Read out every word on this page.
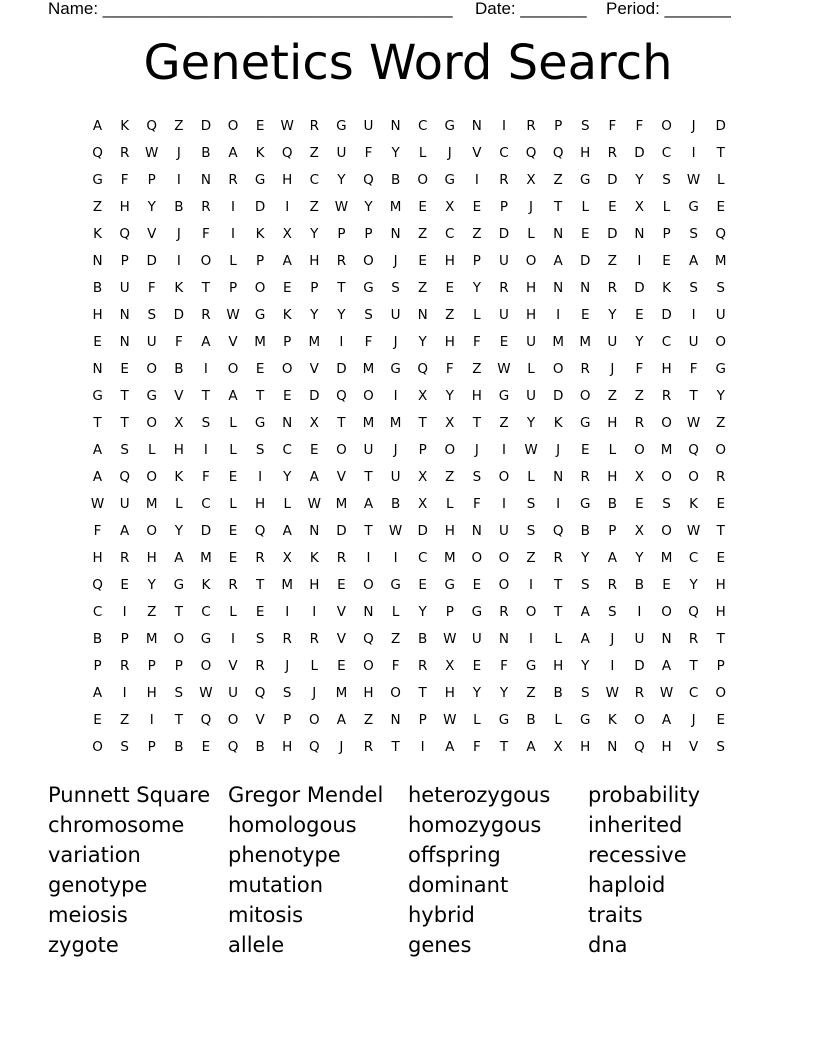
Name: _____________________________________ Date: _______ Period: _______
Genetics Word Search
A K Q Z D O E W R G U N C G N I R P S F F O J D
Q R W J B A K Q Z U F Y L J V C Q Q H R D C I T
G F P I N R G H C Y Q B O G I R X Z G D Y S W L
Z H Y B R I D I Z W Y M E X E P J T L E X L G E
K Q V J F I K X Y P P N Z C Z D L N E D N P S Q
N P D I O L P A H R O J E H P U O A D Z I E A M
B U F K T P O E P T G S Z E Y R H N N R D K S S
H N S D R W G K Y Y S U N Z L U H I E Y E D I U
E N U F A V M P M I F J Y H F E U M M U Y C U O
N E O B I O E O V D M G Q F Z W L O R J F H F G
G T G V T A T E D Q O I X Y H G U D O Z Z R T Y
T T O X S L G N X T M M T X T Z Y K G H R O W Z
A S L H I L S C E O U J P O J I W J E L O M Q O
A Q O K F E I Y A V T U X Z S O L N R H X O O R
W U M L C L H L W M A B X L F I S I G B E S K E
F A O Y D E Q A N D T W D H N U S Q B P X O W T
H R H A M E R X K R I I C M O O Z R Y A Y M C E
Q E Y G K R T M H E O G E G E O I T S R B E Y H
C I Z T C L E I I V N L Y P G R O T A S I O Q H
B P M O G I S R R V Q Z B W U N I L A J U N R T
P R P P O V R J L E O F R X E F G H Y I D A T P
A I H S W U Q S J M H O T H Y Y Z B S W R W C O
E Z I T Q O V P O A Z N P W L G B L G K O A J E
O S P B E Q B H Q J R T I A F T A X H N Q H V S
Punnett Square
chromosome
variation
genotype
meiosis
zygote
Gregor Mendel
homologous
phenotype
mutation
mitosis
allele
heterozygous
homozygous
offspring
dominant
hybrid
genes
probability
inherited
recessive
haploid
traits
dna
